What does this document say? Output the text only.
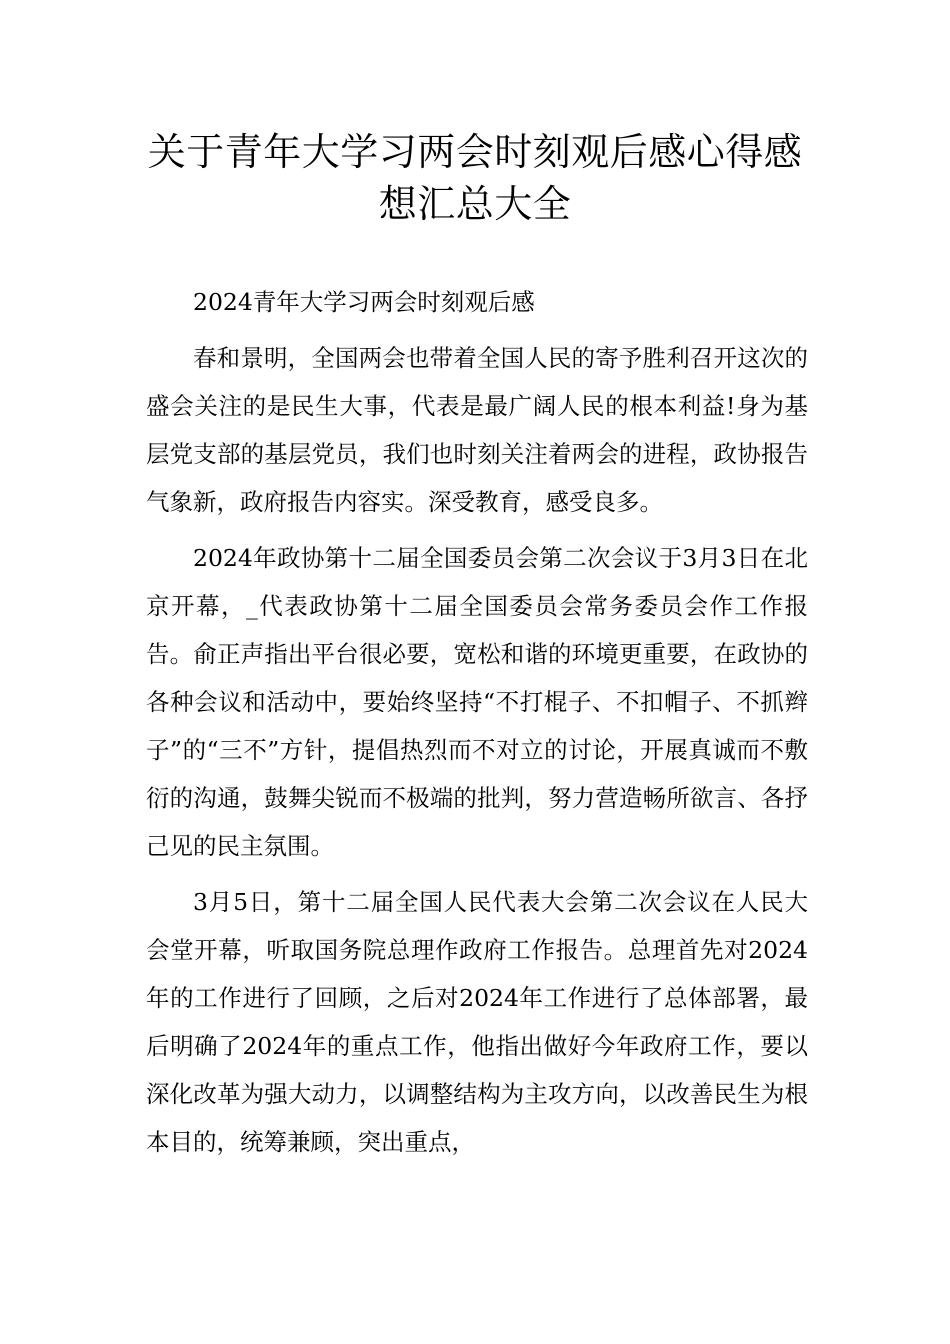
关于青年大学习两会时刻观后感心得感
想汇总大全

2024青年大学习两会时刻观后感

春和景明，全国两会也带着全国人民的寄予胜利召开这次的盛会关注的是民生大事，代表是最广阔人民的根本利益!身为基层党支部的基层党员，我们也时刻关注着两会的进程，政协报告气象新，政府报告内容实。深受教育，感受良多。

2024年政协第十二届全国委员会第二次会议于3月3日在北京开幕，_代表政协第十二届全国委员会常务委员会作工作报告。俞正声指出平台很必要，宽松和谐的环境更重要，在政协的各种会议和活动中，要始终坚持“不打棍子、不扣帽子、不抓辫子”的“三不”方针，提倡热烈而不对立的讨论，开展真诚而不敷衍的沟通，鼓舞尖锐而不极端的批判，努力营造畅所欲言、各抒己见的民主氛围。

3月5日，第十二届全国人民代表大会第二次会议在人民大会堂开幕，听取国务院总理作政府工作报告。总理首先对2024年的工作进行了回顾，之后对2024年工作进行了总体部署，最后明确了2024年的重点工作，他指出做好今年政府工作，要以深化改革为强大动力，以调整结构为主攻方向，以改善民生为根本目的，统筹兼顾，突出重点，
